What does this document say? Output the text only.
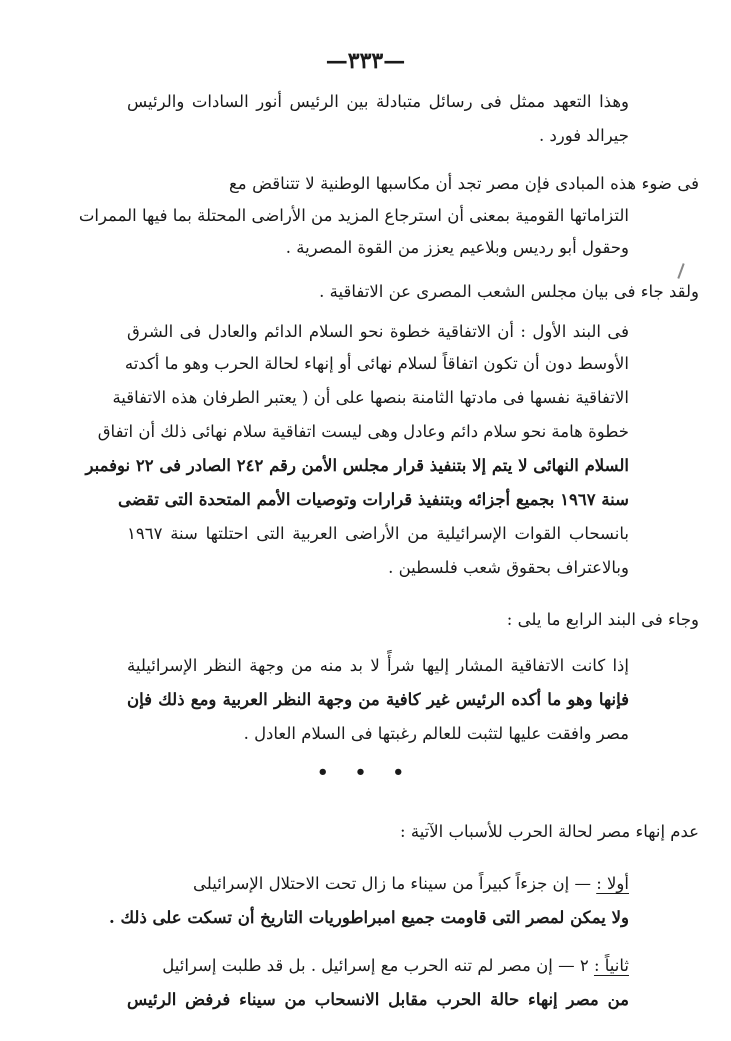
—٣٣٣—
وهذا التعهد ممثل فى رسائل متبادلة بين الرئيس أنور السادات والرئيس
جيرالد فورد .
فى ضوء هذه المبادى فإن مصر تجد أن مكاسبها الوطنية لا تتناقض مع
التزاماتها القومية بمعنى أن استرجاع المزيد من الأراضى المحتلة بما فيها الممرات
وحقول أبو رديس وبلاعيم يعزز من القوة المصرية .
ولقد جاء فى بيان مجلس الشعب المصرى عن الاتفاقية .
فى البند الأول : أن الاتفاقية خطوة نحو السلام الدائم والعادل فى الشرق
الأوسط دون أن تكون اتفاقاً لسلام نهائى أو إنهاء لحالة الحرب وهو ما أكدته
الاتفاقية نفسها فى مادتها الثامنة بنصها على أن ( يعتبر الطرفان هذه الاتفاقية
خطوة هامة نحو سلام دائم وعادل وهى ليست اتفاقية سلام نهائى ذلك أن اتفاق
السلام النهائى لا يتم إلا بتنفيذ قرار مجلس الأمن رقم ٢٤٢ الصادر فى ٢٢ نوفمبر
سنة ١٩٦٧ بجميع أجزائه وبتنفيذ قرارات وتوصيات الأمم المتحدة التى تقضى
بانسحاب القوات الإسرائيلية من الأراضى العربية التى احتلتها سنة ١٩٦٧
وبالاعتراف بحقوق شعب فلسطين .
وجاء فى البند الرابع ما يلى :
إذا كانت الاتفاقية المشار إليها شرأً لا بد منه من وجهة النظر الإسرائيلية
فإنها وهو ما أكده الرئيس غير كافية من وجهة النظر العربية ومع ذلك فإن
مصر وافقت عليها لتثبت للعالم رغبتها فى السلام العادل .
• • •
عدم إنهاء مصر لحالة الحرب للأسباب الآتية :
أولا : — إن جزءاً كبيراً من سيناء ما زال تحت الاحتلال الإسرائيلى
ولا يمكن لمصر التى قاومت جميع امبراطوريات التاريخ أن تسكت على ذلك .
ثانياً : ٢ — إن مصر لم تنه الحرب مع إسرائيل . بل قد طلبت إسرائيل
من مصر إنهاء حالة الحرب مقابل الانسحاب من سيناء فرفض الرئيس
